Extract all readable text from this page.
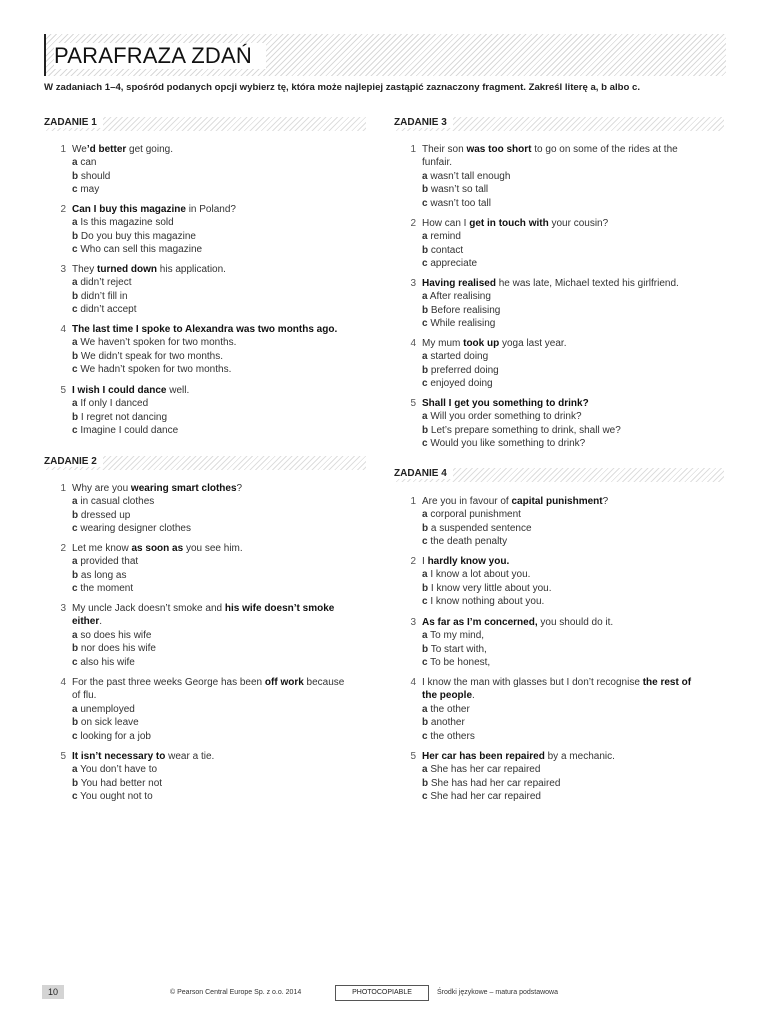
PARAFRAZA ZDAŃ
W zadaniach 1–4, spośród podanych opcji wybierz tę, która może najlepiej zastąpić zaznaczony fragment. Zakreśl literę a, b albo c.
ZADANIE 1
1 We’d better get going.
a can
b should
c may
2 Can I buy this magazine in Poland?
a Is this magazine sold
b Do you buy this magazine
c Who can sell this magazine
3 They turned down his application.
a didn’t reject
b didn’t fill in
c didn’t accept
4 The last time I spoke to Alexandra was two months ago.
a We haven’t spoken for two months.
b We didn’t speak for two months.
c We hadn’t spoken for two months.
5 I wish I could dance well.
a If only I danced
b I regret not dancing
c Imagine I could dance
ZADANIE 2
1 Why are you wearing smart clothes?
a in casual clothes
b dressed up
c wearing designer clothes
2 Let me know as soon as you see him.
a provided that
b as long as
c the moment
3 My uncle Jack doesn’t smoke and his wife doesn’t smoke
either.
a so does his wife
b nor does his wife
c also his wife
4 For the past three weeks George has been off work because
of flu.
a unemployed
b on sick leave
c looking for a job
5 It isn’t necessary to wear a tie.
a You don’t have to
b You had better not
c You ought not to
ZADANIE 3
1 Their son was too short to go on some of the rides at the
funfair.
a wasn’t tall enough
b wasn’t so tall
c wasn’t too tall
2 How can I get in touch with your cousin?
a remind
b contact
c appreciate
3 Having realised he was late, Michael texted his girlfriend.
a After realising
b Before realising
c While realising
4 My mum took up yoga last year.
a started doing
b preferred doing
c enjoyed doing
5 Shall I get you something to drink?
a Will you order something to drink?
b Let’s prepare something to drink, shall we?
c Would you like something to drink?
ZADANIE 4
1 Are you in favour of capital punishment?
a corporal punishment
b a suspended sentence
c the death penalty
2 I hardly know you.
a I know a lot about you.
b I know very little about you.
c I know nothing about you.
3 As far as I’m concerned, you should do it.
a To my mind,
b To start with,
c To be honest,
4 I know the man with glasses but I don’t recognise the rest of
the people.
a the other
b another
c the others
5 Her car has been repaired by a mechanic.
a She has her car repaired
b She has had her car repaired
c She had her car repaired
10	© Pearson Central Europe Sp. z o.o. 2014	PHOTOCOPIABLE	Środki językowe – matura podstawowa
